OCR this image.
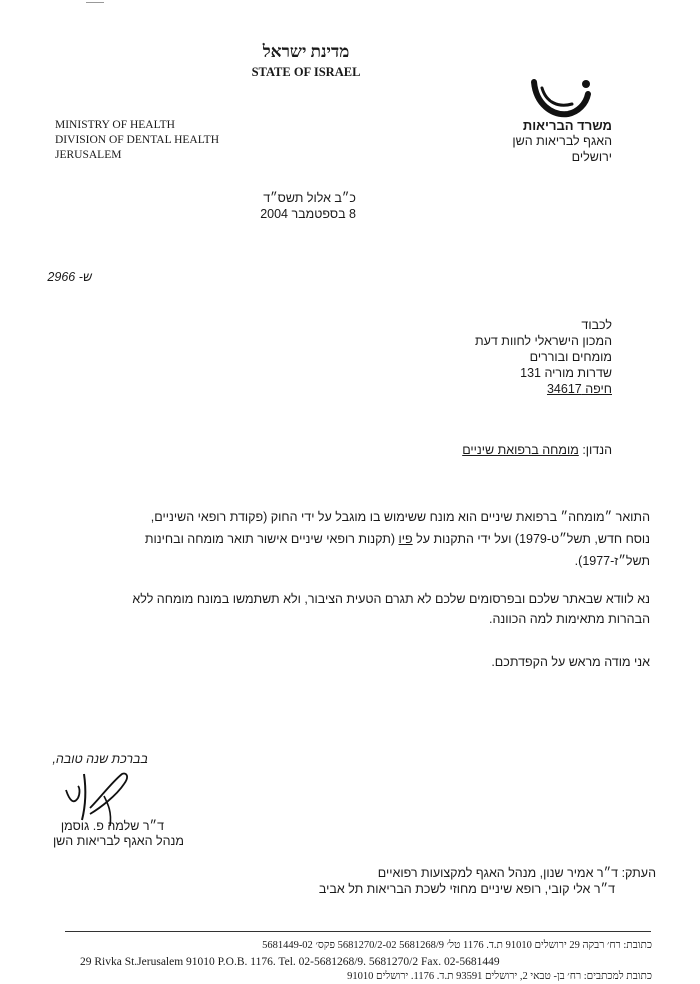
מדינת ישראל
STATE OF ISRAEL
MINISTRY OF HEALTH
DIVISION OF DENTAL HEALTH
JERUSALEM
משרד הבריאות
האגף לבריאות השן
ירושלים
כ״ב אלול תשס״ד
8 בספטמבר 2004
ש- 2966
לכבוד
המכון הישראלי לחוות דעת
מומחים ובוררים
שדרות מוריה 131
חיפה 34617
הנדון: מומחה ברפואת שיניים
התואר ״מומחה״ ברפואת שיניים הוא מונח ששימוש בו מוגבל על ידי החוק (פקודת רופאי השיניים,
נוסח חדש, תשל״ט-1979) ועל ידי התקנות על פיו (תקנות רופאי שיניים אישור תואר מומחה ובחינות
תשל״ז-1977).
נא לוודא שבאתר שלכם ובפרסומים שלכם לא תגרם הטעית הציבור, ולא תשתמשו במונח מומחה ללא
הבהרות מתאימות למה הכוונה.
אני מודה מראש על הקפדתכם.
בברכת שנה טובה,
ד״ר שלמה פ. גוסמן
מנהל האגף לבריאות השן
העתק: ד״ר אמיר שנון, מנהל האגף למקצועות רפואיים
ד״ר אלי קובי, רופא שיניים מחוזי לשכת הבריאות תל אביב
כתובת: רח׳ רבקה 29 ירושלים 91010 ת.ד. 1176 טל׳ 5681268/9 5681270/2-02 פקס׳ 5681449-02
29 Rivka St.Jerusalem 91010 P.O.B. 1176. Tel. 02-5681268/9. 5681270/2 Fax. 02-5681449
כתובת למכתבים: רח׳ בן- טבאי 2, ירושלים 93591 ת.ד. 1176. ירושלים 91010
